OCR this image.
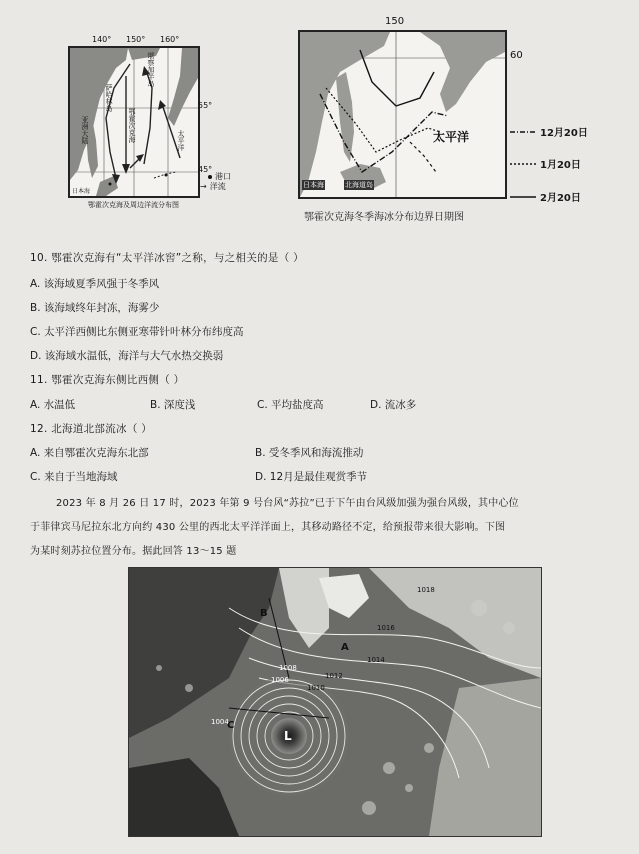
萨哈林岛
鄂霍次克海
亚洲大陆
堪察加半岛
太平洋
日本海
140° 150° 160°
55°
45°
港口
→ 洋流
鄂霍次克海及周边洋流分布图
150
60
太平洋
日本海	北海道岛
12月20日
1月20日
2月20日
鄂霍次克海冬季海冰分布边界日期图
10. 鄂霍次克海有“太平洋冰窖”之称，与之相关的是（ ）
A. 该海域夏季风强于冬季风
B. 该海域终年封冻，海雾少
C. 太平洋西侧比东侧亚寒带针叶林分布纬度高
D. 该海域水温低，海洋与大气水热交换弱
11. 鄂霍次克海东侧比西侧（ ）
A. 水温低	B. 深度浅	C. 平均盐度高	D. 流冰多
12. 北海道北部流冰（ ）
A. 来自鄂霍次克海东北部	B. 受冬季风和海流推动
C. 来自于当地海域	D. 12月是最佳观赏季节
2023 年 8 月 26 日 17 时，2023 年第 9 号台风“苏拉”已于下午由台风级加强为强台风级，其中心位
于菲律宾马尼拉东北方向约 430 公里的西北太平洋洋面上，其移动路径不定，给预报带来很大影响。下图
为某时刻苏拉位置分布。据此回答 13～15 题
A
B
C
L
1018
1016
1014
1012
1010
1008
1006
1004
